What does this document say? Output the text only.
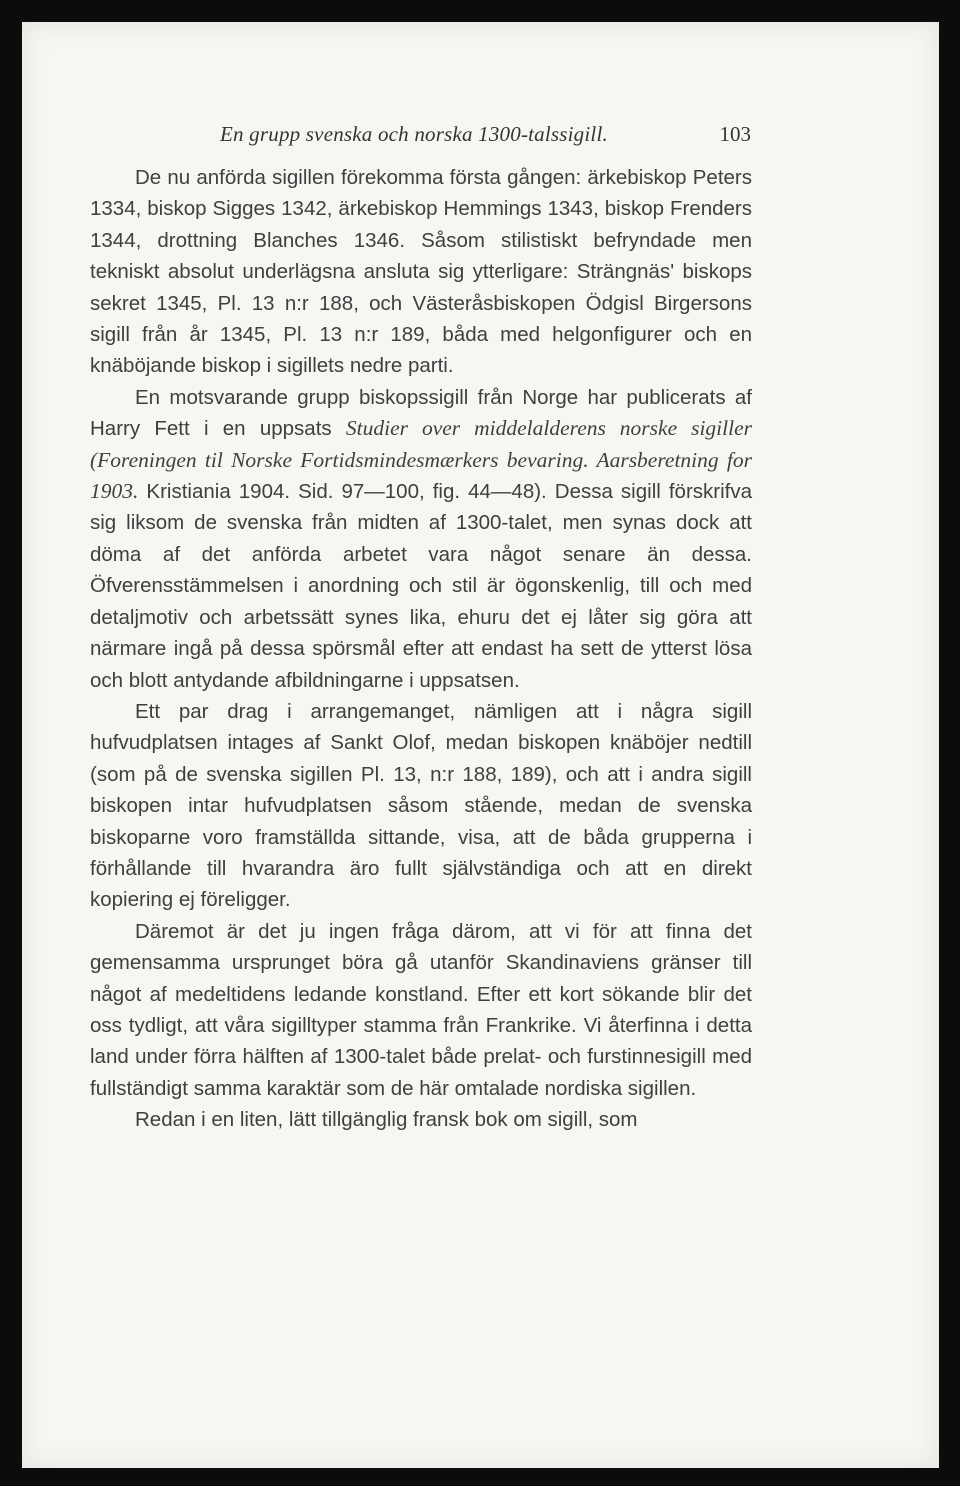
En grupp svenska och norska 1300-talssigill.	103

De nu anförda sigillen förekomma första gången: ärkebiskop Peters 1334, biskop Sigges 1342, ärkebiskop Hemmings 1343, biskop Frenders 1344, drottning Blanches 1346. Såsom stilistiskt befryndade men tekniskt absolut underlägsna ansluta sig ytterligare: Strängnäs' biskops sekret 1345, Pl. 13 n:r 188, och Västeråsbiskopen Ödgisl Birgersons sigill från år 1345, Pl. 13 n:r 189, båda med helgonfigurer och en knäböjande biskop i sigillets nedre parti.

En motsvarande grupp biskopssigill från Norge har publicerats af Harry Fett i en uppsats Studier over middelalderens norske sigiller (Foreningen til Norske Fortidsmindesmærkers bevaring. Aarsberetning for 1903. Kristiania 1904. Sid. 97—100, fig. 44—48). Dessa sigill förskrifva sig liksom de svenska från midten af 1300-talet, men synas dock att döma af det anförda arbetet vara något senare än dessa. Öfverensstämmelsen i anordning och stil är ögonskenlig, till och med detaljmotiv och arbetssätt synes lika, ehuru det ej låter sig göra att närmare ingå på dessa spörsmål efter att endast ha sett de ytterst lösa och blott antydande afbildningarne i uppsatsen.

Ett par drag i arrangemanget, nämligen att i några sigill hufvudplatsen intages af Sankt Olof, medan biskopen knäböjer nedtill (som på de svenska sigillen Pl. 13, n:r 188, 189), och att i andra sigill biskopen intar hufvudplatsen såsom stående, medan de svenska biskoparne voro framställda sittande, visa, att de båda grupperna i förhållande till hvarandra äro fullt självständiga och att en direkt kopiering ej föreligger.

Däremot är det ju ingen fråga därom, att vi för att finna det gemensamma ursprunget böra gå utanför Skandinaviens gränser till något af medeltidens ledande konstland. Efter ett kort sökande blir det oss tydligt, att våra sigilltyper stamma från Frankrike. Vi återfinna i detta land under förra hälften af 1300-talet både prelat- och furstinnesigill med fullständigt samma karaktär som de här omtalade nordiska sigillen.

Redan i en liten, lätt tillgänglig fransk bok om sigill, som
